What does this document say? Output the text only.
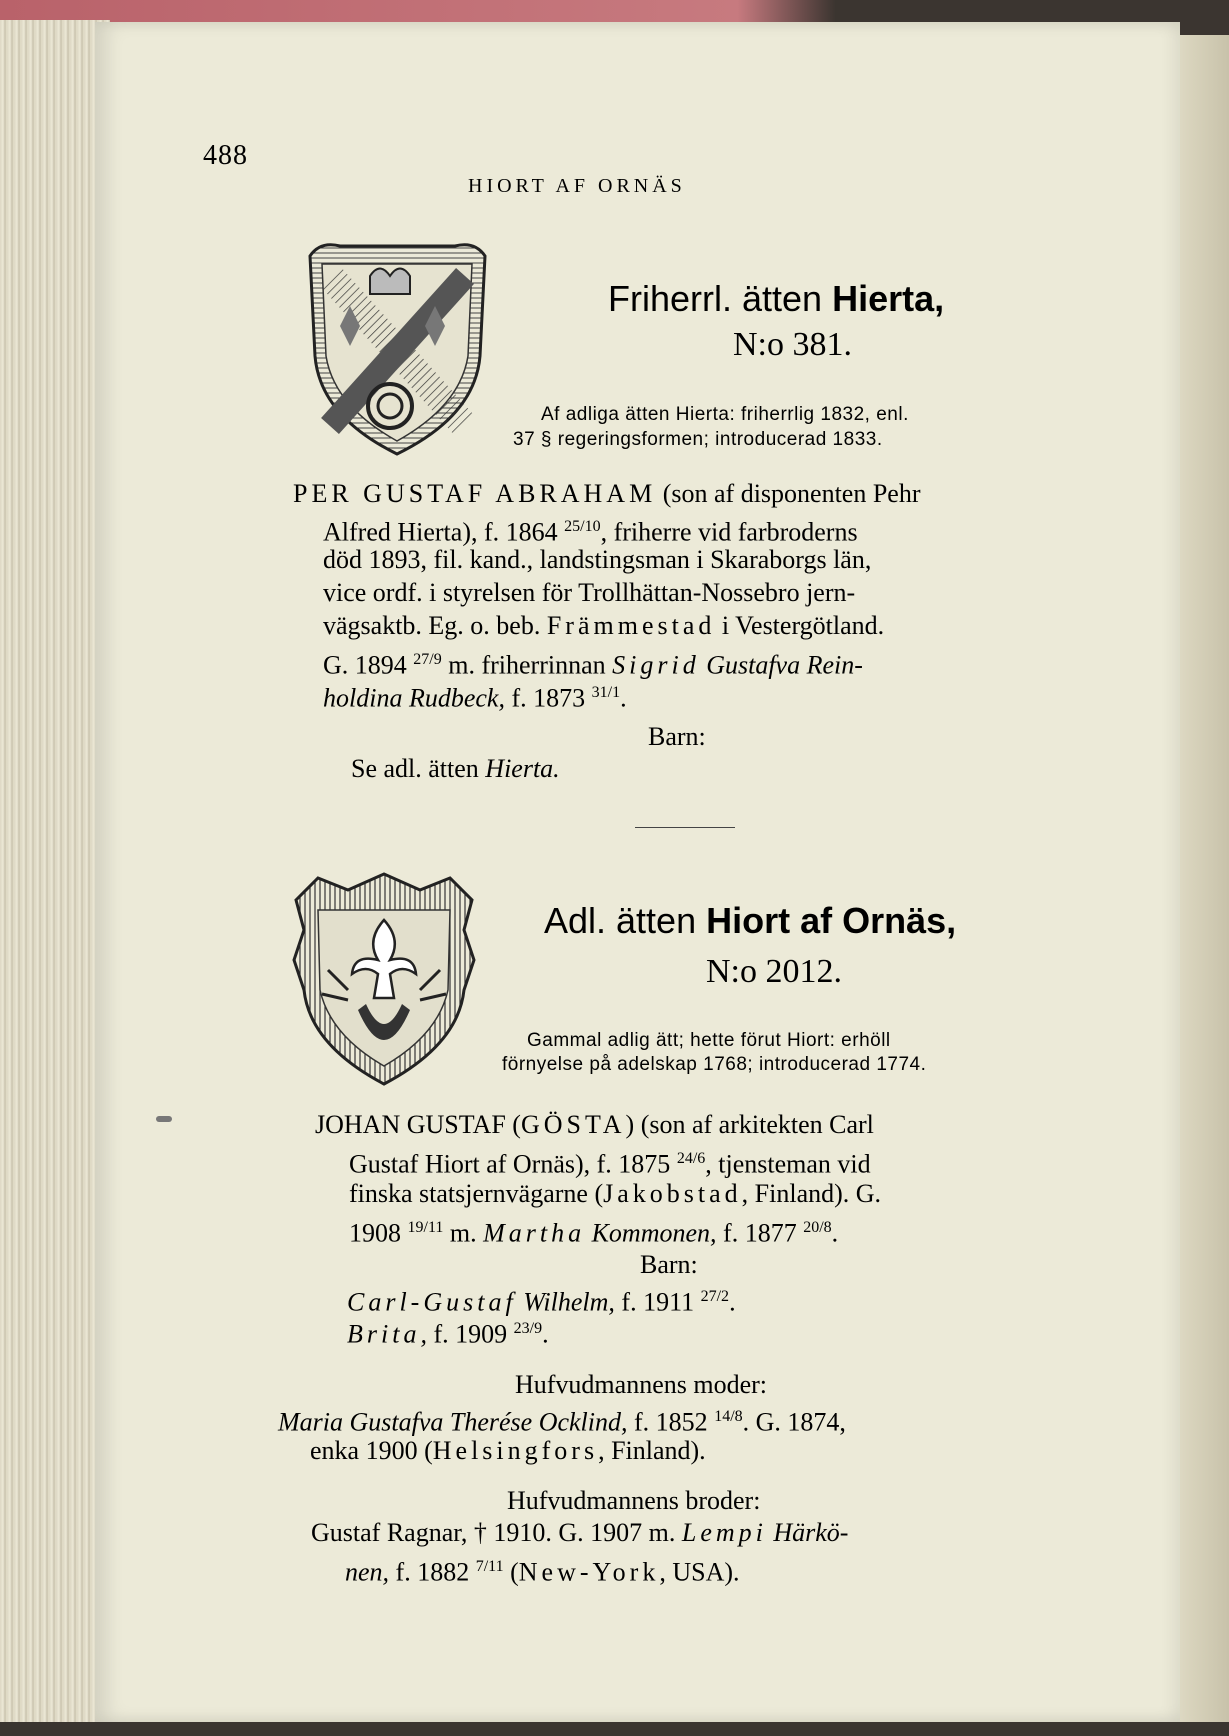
488
HIORT AF ORNÄS
Friherrl. ätten Hierta,
N:o 381.
Af adliga ätten Hierta: friherrlig 1832, enl.
37 § regeringsformen; introducerad 1833.
PER GUSTAF ABRAHAM (son af disponenten Pehr
Alfred Hierta), f. 1864 $^{25/10}$, friherre vid farbroderns
död 1893, fil. kand., landstingsman i Skaraborgs län,
vice ordf. i styrelsen för Trollhättan-Nossebro jern-
vägsaktb. Eg. o. beb. Främmestad i Vestergötland.
G. 1894 $^{27/9}$ m. friherrinnan Sigrid Gustafva Rein-
holdina Rudbeck, f. 1873 $^{31/1}$.
Barn:
Se adl. ätten Hierta.
Adl. ätten Hiort af Ornäs,
N:o 2012.
Gammal adlig ätt; hette förut Hiort: erhöll
förnyelse på adelskap 1768; introducerad 1774.
JOHAN GUSTAF (GÖSTA) (son af arkitekten Carl
Gustaf Hiort af Ornäs), f. 1875 $^{24/6}$, tjensteman vid
finska statsjernvägarne (Jakobstad, Finland). G.
1908 $^{19/11}$ m. Martha Kommonen, f. 1877 $^{20/8}$.
Barn:
Carl-Gustaf Wilhelm, f. 1911 $^{27/2}$.
Brita, f. 1909 $^{23/9}$.
Hufvudmannens moder:
Maria Gustafva Therése Ocklind, f. 1852 $^{14/8}$. G. 1874,
enka 1900 (Helsingfors, Finland).
Hufvudmannens broder:
Gustaf Ragnar, † 1910. G. 1907 m. Lempi Härkö-
nen, f. 1882 $^{7/11}$ (New-York, USA).
